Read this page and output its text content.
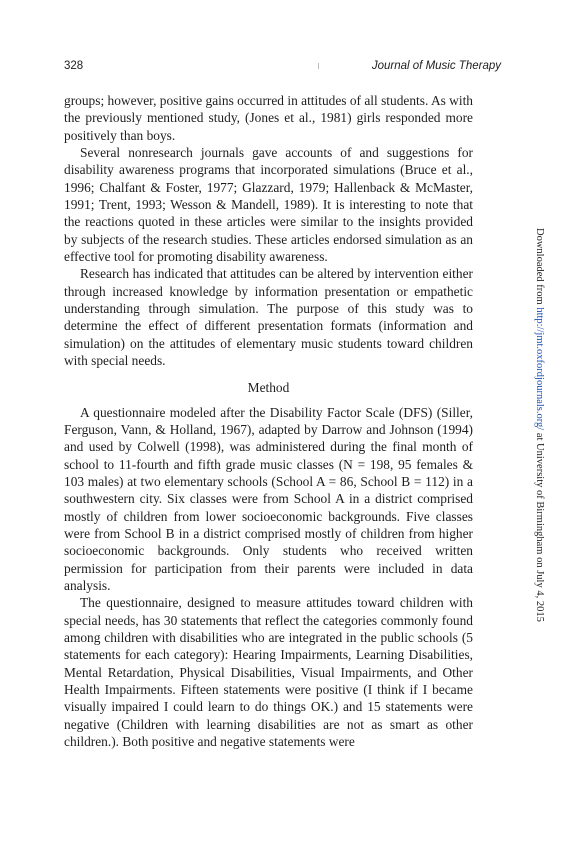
328	Journal of Music Therapy

groups; however, positive gains occurred in attitudes of all students. As with the previously mentioned study, (Jones et al., 1981) girls responded more positively than boys.

Several nonresearch journals gave accounts of and suggestions for disability awareness programs that incorporated simulations (Bruce et al., 1996; Chalfant & Foster, 1977; Glazzard, 1979; Hallenback & McMaster, 1991; Trent, 1993; Wesson & Mandell, 1989). It is interesting to note that the reactions quoted in these articles were similar to the insights provided by subjects of the research studies. These articles endorsed simulation as an effective tool for promoting disability awareness.

Research has indicated that attitudes can be altered by intervention either through increased knowledge by information presentation or empathetic understanding through simulation. The purpose of this study was to determine the effect of different presentation formats (information and simulation) on the attitudes of elementary music students toward children with special needs.

Method

A questionnaire modeled after the Disability Factor Scale (DFS) (Siller, Ferguson, Vann, & Holland, 1967), adapted by Darrow and Johnson (1994) and used by Colwell (1998), was administered during the final month of school to 11-fourth and fifth grade music classes (N = 198, 95 females & 103 males) at two elementary schools (School A = 86, School B = 112) in a southwestern city. Six classes were from School A in a district comprised mostly of children from lower socioeconomic backgrounds. Five classes were from School B in a district comprised mostly of children from higher socioeconomic backgrounds. Only students who received written permission for participation from their parents were included in data analysis.

The questionnaire, designed to measure attitudes toward children with special needs, has 30 statements that reflect the categories commonly found among children with disabilities who are integrated in the public schools (5 statements for each category): Hearing Impairments, Learning Disabilities, Mental Retardation, Physical Disabilities, Visual Impairments, and Other Health Impairments. Fifteen statements were positive (I think if I became visually impaired I could learn to do things OK.) and 15 statements were negative (Children with learning disabilities are not as smart as other children.). Both positive and negative statements were

Downloaded from http://jmt.oxfordjournals.org/ at University of Birmingham on July 4, 2015
